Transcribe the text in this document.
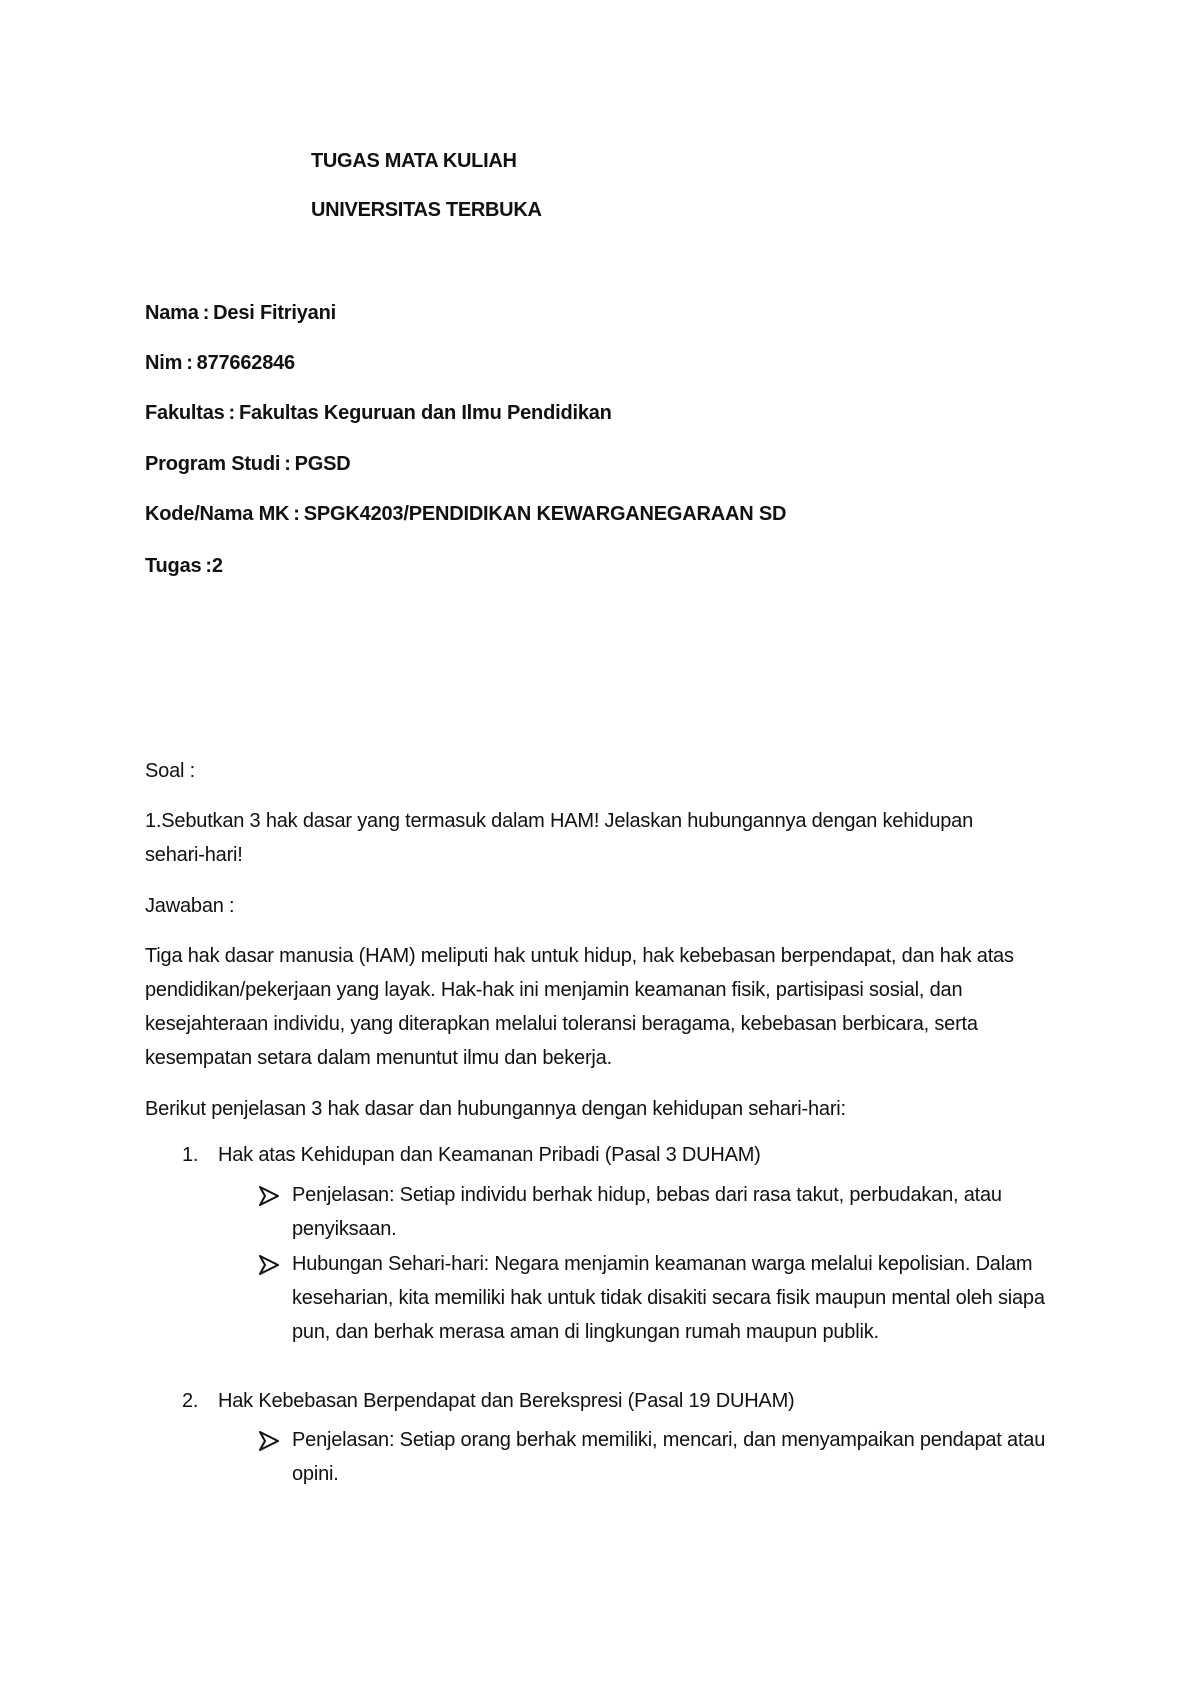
TUGAS MATA KULIAH
UNIVERSITAS TERBUKA
Nama : Desi Fitriyani
Nim : 877662846
Fakultas : Fakultas Keguruan dan Ilmu Pendidikan
Program Studi : PGSD
Kode/Nama MK : SPGK4203/PENDIDIKAN KEWARGANEGARAAN SD
Tugas :2
Soal :
1.Sebutkan 3 hak dasar yang termasuk dalam HAM! Jelaskan hubungannya dengan kehidupan sehari-hari!
Jawaban :
Tiga hak dasar manusia (HAM) meliputi hak untuk hidup, hak kebebasan berpendapat, dan hak atas pendidikan/pekerjaan yang layak. Hak-hak ini menjamin keamanan fisik, partisipasi sosial, dan kesejahteraan individu, yang diterapkan melalui toleransi beragama, kebebasan berbicara, serta kesempatan setara dalam menuntut ilmu dan bekerja.
Berikut penjelasan 3 hak dasar dan hubungannya dengan kehidupan sehari-hari:
1. Hak atas Kehidupan dan Keamanan Pribadi (Pasal 3 DUHAM)
Penjelasan: Setiap individu berhak hidup, bebas dari rasa takut, perbudakan, atau penyiksaan.
Hubungan Sehari-hari: Negara menjamin keamanan warga melalui kepolisian. Dalam keseharian, kita memiliki hak untuk tidak disakiti secara fisik maupun mental oleh siapa pun, dan berhak merasa aman di lingkungan rumah maupun publik.
2. Hak Kebebasan Berpendapat dan Berekspresi (Pasal 19 DUHAM)
Penjelasan: Setiap orang berhak memiliki, mencari, dan menyampaikan pendapat atau opini.
